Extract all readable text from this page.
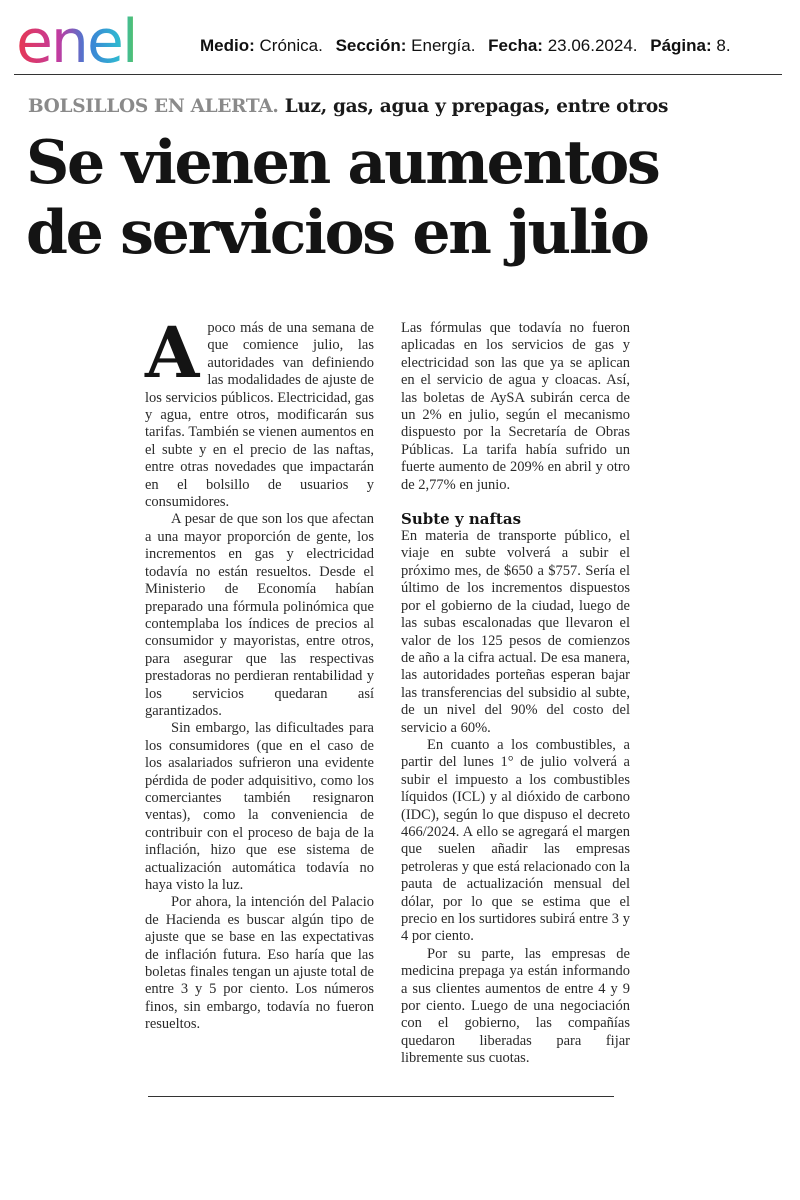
enel	Medio: Crónica. Sección: Energía. Fecha: 23.06.2024. Página: 8.
BOLSILLOS EN ALERTA. Luz, gas, agua y prepagas, entre otros
Se vienen aumentos
de servicios en julio

Apoco más de una semana de que comience julio, las autoridades van definiendo las modalidades de ajuste de los servicios públicos. Electricidad, gas y agua, entre otros, modificarán sus tarifas. También se vienen aumentos en el subte y en el precio de las naftas, entre otras novedades que impactarán en el bolsillo de usuarios y consumidores.

A pesar de que son los que afectan a una mayor proporción de gente, los incrementos en gas y electricidad todavía no están resueltos. Desde el Ministerio de Economía habían preparado una fórmula polinómica que contemplaba los índices de precios al consumidor y mayoristas, entre otros, para asegurar que las respectivas prestadoras no perdieran rentabilidad y los servicios quedaran así garantizados.

Sin embargo, las dificultades para los consumidores (que en el caso de los asalariados sufrieron una evidente pérdida de poder adquisitivo, como los comerciantes también resignaron ventas), como la conveniencia de contribuir con el proceso de baja de la inflación, hizo que ese sistema de actualización automática todavía no haya visto la luz.

Por ahora, la intención del Palacio de Hacienda es buscar algún tipo de ajuste que se base en las expectativas de inflación futura. Eso haría que las boletas finales tengan un ajuste total de entre 3 y 5 por ciento. Los números finos, sin embargo, todavía no fueron resueltos.

Las fórmulas que todavía no fueron aplicadas en los servicios de gas y electricidad son las que ya se aplican en el servicio de agua y cloacas. Así, las boletas de AySA subirán cerca de un 2% en julio, según el mecanismo dispuesto por la Secretaría de Obras Públicas. La tarifa había sufrido un fuerte aumento de 209% en abril y otro de 2,77% en junio.

Subte y naftas

En materia de transporte público, el viaje en subte volverá a subir el próximo mes, de $650 a $757. Sería el último de los incrementos dispuestos por el gobierno de la ciudad, luego de las subas escalonadas que llevaron el valor de los 125 pesos de comienzos de año a la cifra actual. De esa manera, las autoridades porteñas esperan bajar las transferencias del subsidio al subte, de un nivel del 90% del costo del servicio a 60%.

En cuanto a los combustibles, a partir del lunes 1° de julio volverá a subir el impuesto a los combustibles líquidos (ICL) y al dióxido de carbono (IDC), según lo que dispuso el decreto 466/2024. A ello se agregará el margen que suelen añadir las empresas petroleras y que está relacionado con la pauta de actualización mensual del dólar, por lo que se estima que el precio en los surtidores subirá entre 3 y 4 por ciento.

Por su parte, las empresas de medicina prepaga ya están informando a sus clientes aumentos de entre 4 y 9 por ciento. Luego de una negociación con el gobierno, las compañías quedaron liberadas para fijar libremente sus cuotas.
